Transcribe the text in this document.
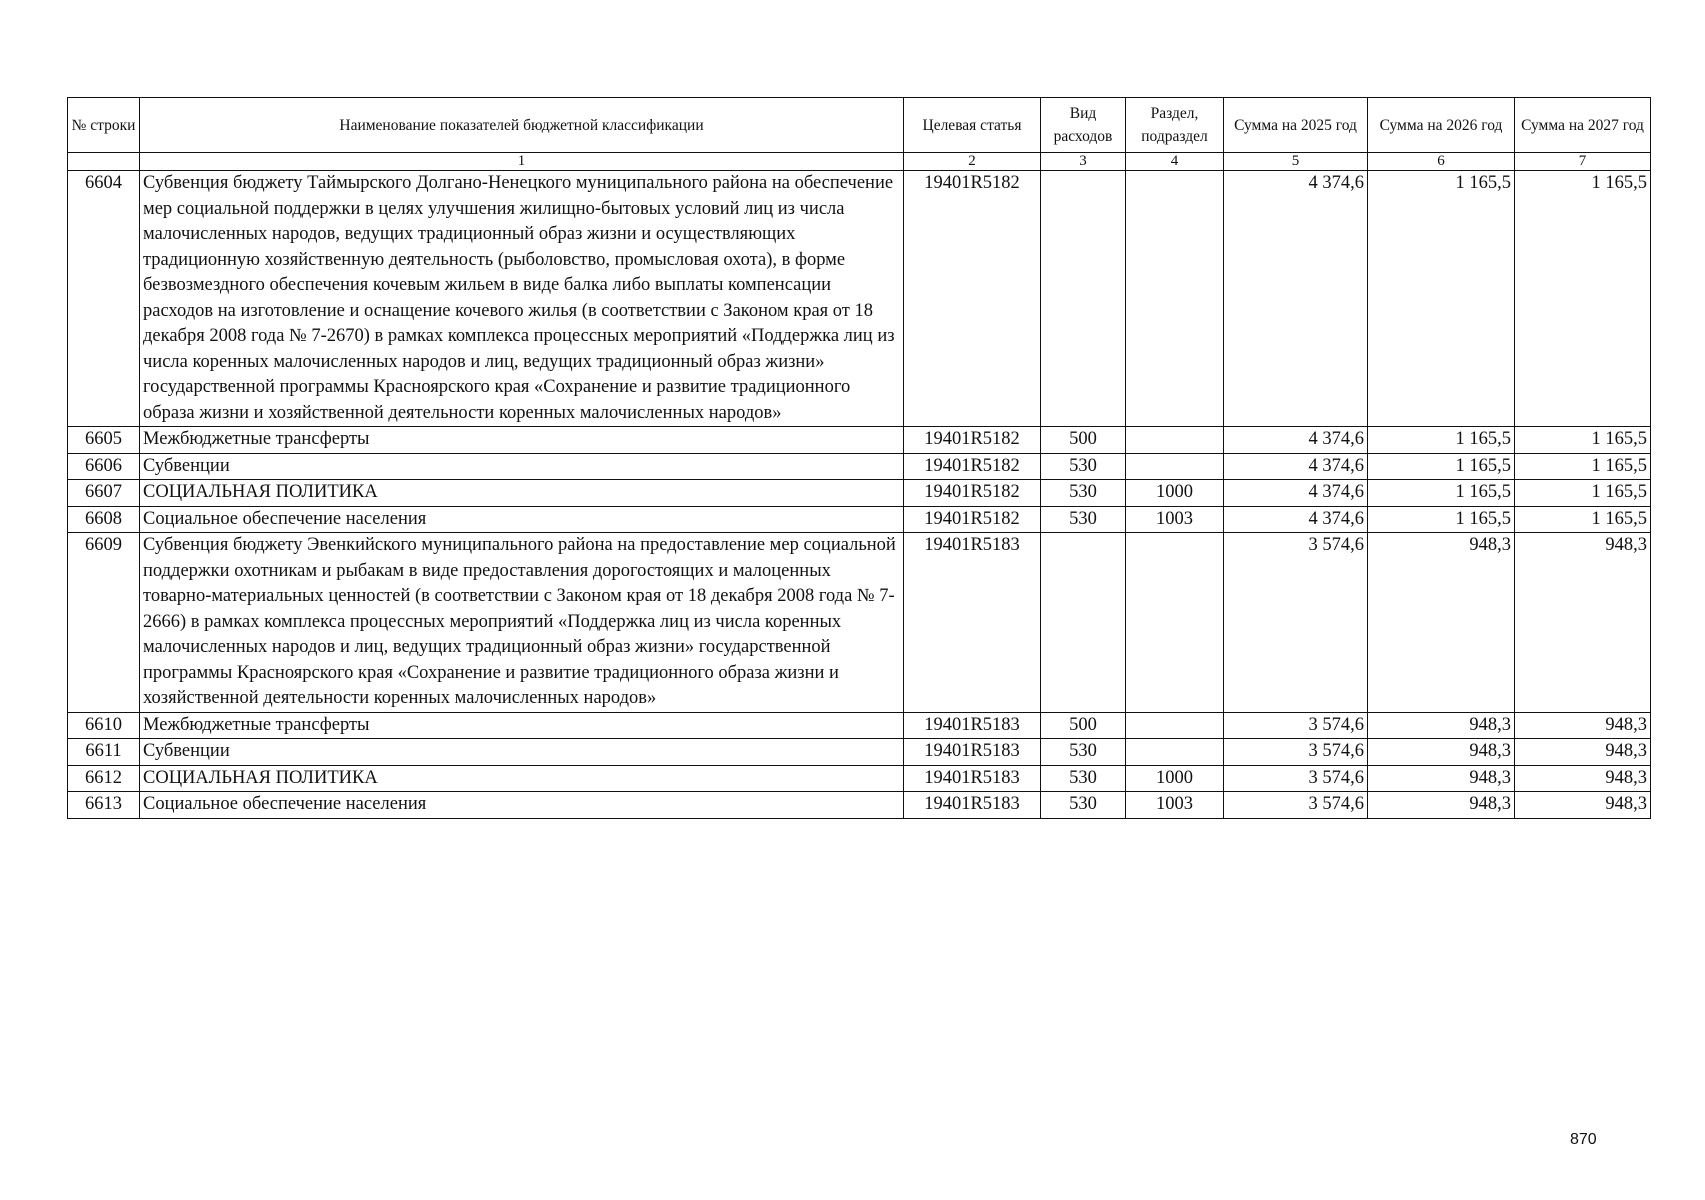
№ строки	Наименование показателей бюджетной классификации	Целевая статья	Вид расходов	Раздел, подраздел	Сумма на 2025 год	Сумма на 2026 год	Сумма на 2027 год
	1	2	3	4	5	6	7
6604	Субвенция бюджету Таймырского Долгано-Ненецкого муниципального района на обеспечение мер социальной поддержки в целях улучшения жилищно-бытовых условий лиц из числа малочисленных народов, ведущих традиционный образ жизни и осуществляющих традиционную хозяйственную деятельность (рыболовство, промысловая охота), в форме безвозмездного обеспечения кочевым жильем в виде балка либо выплаты компенсации расходов на изготовление и оснащение кочевого жилья (в соответствии с Законом края от 18 декабря 2008 года № 7-2670) в рамках комплекса процессных мероприятий «Поддержка лиц из числа коренных малочисленных народов и лиц, ведущих традиционный образ жизни» государственной программы Красноярского края «Сохранение и развитие традиционного образа жизни и хозяйственной деятельности коренных малочисленных народов»	19401R5182			4 374,6	1 165,5	1 165,5
6605	Межбюджетные трансферты	19401R5182	500		4 374,6	1 165,5	1 165,5
6606	Субвенции	19401R5182	530		4 374,6	1 165,5	1 165,5
6607	СОЦИАЛЬНАЯ ПОЛИТИКА	19401R5182	530	1000	4 374,6	1 165,5	1 165,5
6608	Социальное обеспечение населения	19401R5182	530	1003	4 374,6	1 165,5	1 165,5
6609	Субвенция бюджету Эвенкийского муниципального района на предоставление мер социальной поддержки охотникам и рыбакам в виде предоставления дорогостоящих и малоценных товарно-материальных ценностей (в соответствии с Законом края от 18 декабря 2008 года № 7-2666) в рамках комплекса процессных мероприятий «Поддержка лиц из числа коренных малочисленных народов и лиц, ведущих традиционный образ жизни» государственной программы Красноярского края «Сохранение и развитие традиционного образа жизни и хозяйственной деятельности коренных малочисленных народов»	19401R5183			3 574,6	948,3	948,3
6610	Межбюджетные трансферты	19401R5183	500		3 574,6	948,3	948,3
6611	Субвенции	19401R5183	530		3 574,6	948,3	948,3
6612	СОЦИАЛЬНАЯ ПОЛИТИКА	19401R5183	530	1000	3 574,6	948,3	948,3
6613	Социальное обеспечение населения	19401R5183	530	1003	3 574,6	948,3	948,3
870
